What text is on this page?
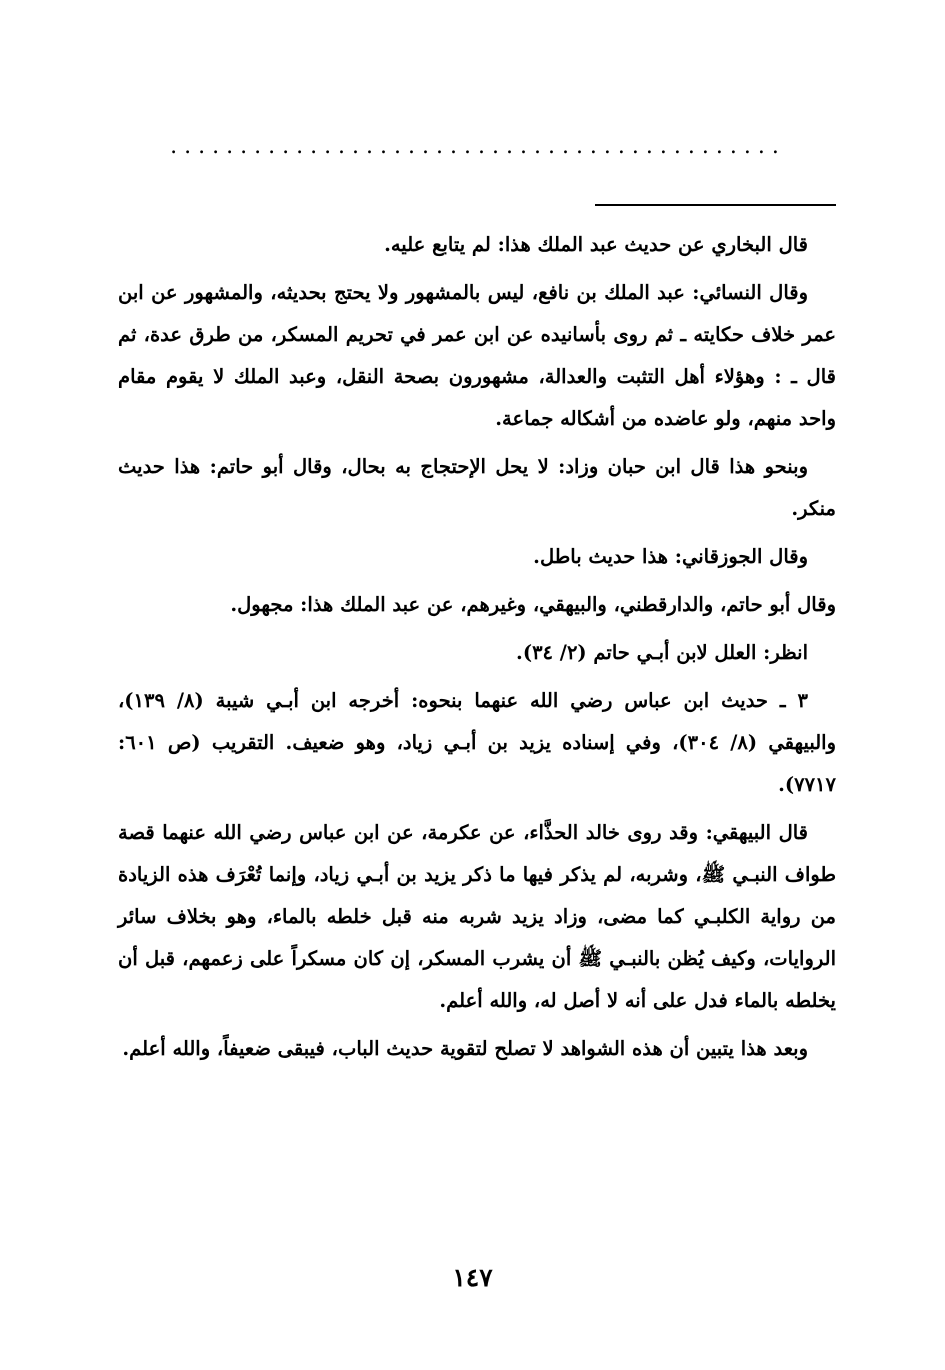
............................................

قال البخاري عن حديث عبد الملك هذا: لم يتابع عليه.

وقال النسائي: عبد الملك بن نافع، ليس بالمشهور ولا يحتج بحديثه، والمشهور عن ابن عمر خلاف حكايته ـ ثم روى بأسانيده عن ابن عمر في تحريم المسكر، من طرق عدة، ثم قال ـ : وهؤلاء أهل التثبت والعدالة، مشهورون بصحة النقل، وعبد الملك لا يقوم مقام واحد منهم، ولو عاضده من أشكاله جماعة.

وبنحو هذا قال ابن حبان وزاد: لا يحل الإحتجاج به بحال، وقال أبو حاتم: هذا حديث منكر.

وقال الجوزقاني: هذا حديث باطل.

وقال أبو حاتم، والدارقطني، والبيهقي، وغيرهم، عن عبد الملك هذا: مجهول.

انظر: العلل لابن أبـي حاتم (٢/ ٣٤).

٣ ـ حديث ابن عباس رضي الله عنهما بنحوه: أخرجه ابن أبـي شيبة (٨/ ١٣٩)، والبيهقي (٨/ ٣٠٤)، وفي إسناده يزيد بن أبـي زياد، وهو ضعيف. التقريب (ص ٦٠١: ٧٧١٧).

قال البيهقي: وقد روى خالد الحذَّاء، عن عكرمة، عن ابن عباس رضي الله عنهما قصة طواف النبـي ﷺ، وشربه، لم يذكر فيها ما ذكر يزيد بن أبـي زياد، وإنما تُعْرَف هذه الزيادة من رواية الكلبـي كما مضى، وزاد يزيد شربه منه قبل خلطه بالماء، وهو بخلاف سائر الروايات، وكيف يُظن بالنبـي ﷺ أن يشرب المسكر، إن كان مسكراً على زعمهم، قبل أن يخلطه بالماء فدل على أنه لا أصل له، والله أعلم.

وبعد هذا يتبين أن هذه الشواهد لا تصلح لتقوية حديث الباب، فيبقى ضعيفاً، والله أعلم.

١٤٧
